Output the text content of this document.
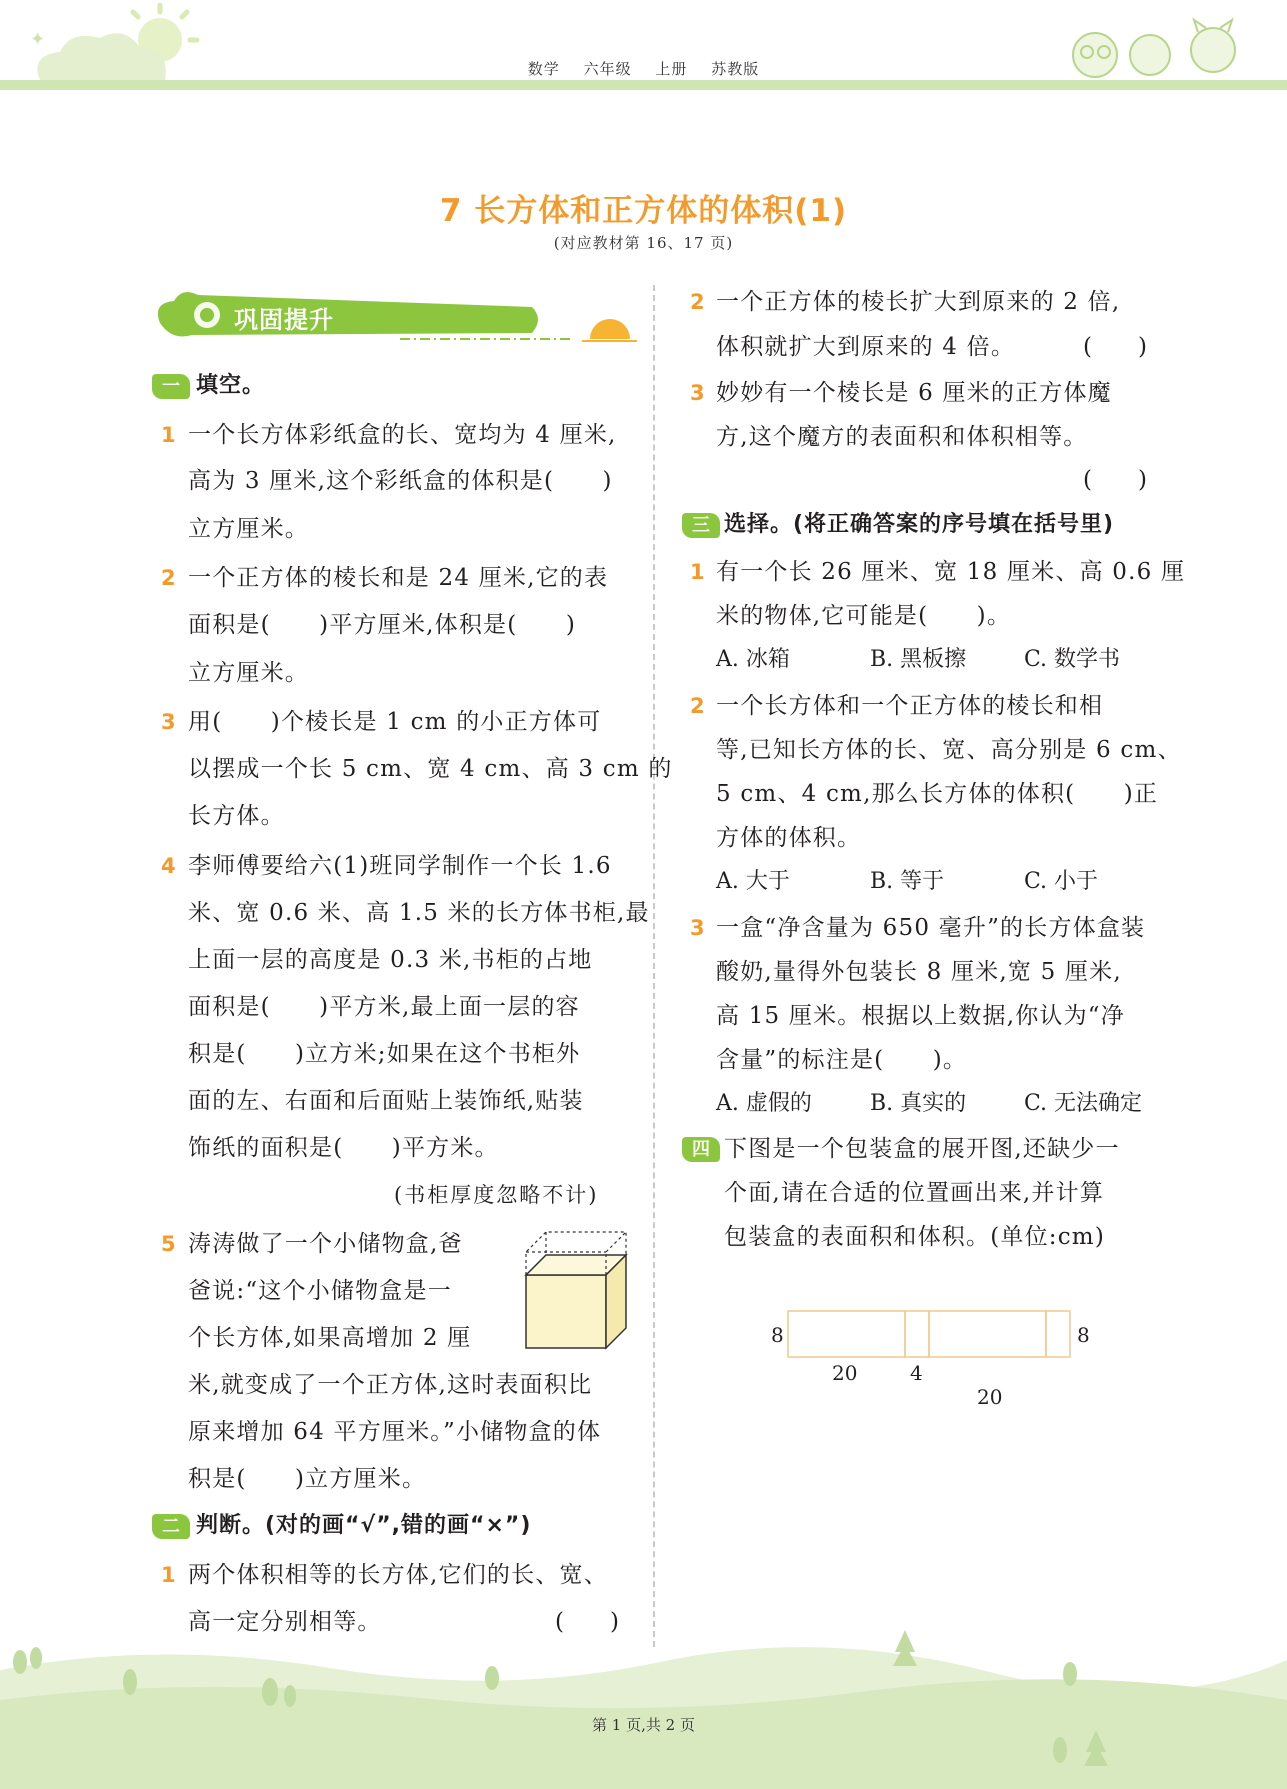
✦
数学 六年级 上册 苏教版
7 长方体和正方体的体积(1)
(对应教材第 16、17 页)
巩固提升
一 填空。
1 一个长方体彩纸盒的长、宽均为 4 厘米,
高为 3 厘米,这个彩纸盒的体积是(　　)
立方厘米。
2 一个正方体的棱长和是 24 厘米,它的表
面积是(　　)平方厘米,体积是(　　)
立方厘米。
3 用(　　)个棱长是 1 cm 的小正方体可
以摆成一个长 5 cm、宽 4 cm、高 3 cm 的
长方体。
4 李师傅要给六(1)班同学制作一个长 1.6
米、宽 0.6 米、高 1.5 米的长方体书柜,最
上面一层的高度是 0.3 米,书柜的占地
面积是(　　)平方米,最上面一层的容
积是(　　)立方米;如果在这个书柜外
面的左、右面和后面贴上装饰纸,贴装
饰纸的面积是(　　)平方米。
(书柜厚度忽略不计)
5 涛涛做了一个小储物盒,爸
爸说:“这个小储物盒是一
个长方体,如果高增加 2 厘
米,就变成了一个正方体,这时表面积比
原来增加 64 平方厘米。”小储物盒的体
积是(　　)立方厘米。
二 判断。(对的画“√”,错的画“×”)
1 两个体积相等的长方体,它们的长、宽、
高一定分别相等。	(　　)
2 一个正方体的棱长扩大到原来的 2 倍,
体积就扩大到原来的 4 倍。	(　　)
3 妙妙有一个棱长是 6 厘米的正方体魔
方,这个魔方的表面积和体积相等。
(　　)
三 选择。(将正确答案的序号填在括号里)
1 有一个长 26 厘米、宽 18 厘米、高 0.6 厘
米的物体,它可能是(　　)。
A. 冰箱	B. 黑板擦	C. 数学书
2 一个长方体和一个正方体的棱长和相
等,已知长方体的长、宽、高分别是 6 cm、
5 cm、4 cm,那么长方体的体积(　　)正
方体的体积。
A. 大于	B. 等于	C. 小于
3 一盒“净含量为 650 毫升”的长方体盒装
酸奶,量得外包装长 8 厘米,宽 5 厘米,
高 15 厘米。根据以上数据,你认为“净
含量”的标注是(　　)。
A. 虚假的	B. 真实的	C. 无法确定
四 下图是一个包装盒的展开图,还缺少一
个面,请在合适的位置画出来,并计算
包装盒的表面积和体积。(单位:cm)
8	8
20	4
20
第 1 页,共 2 页
